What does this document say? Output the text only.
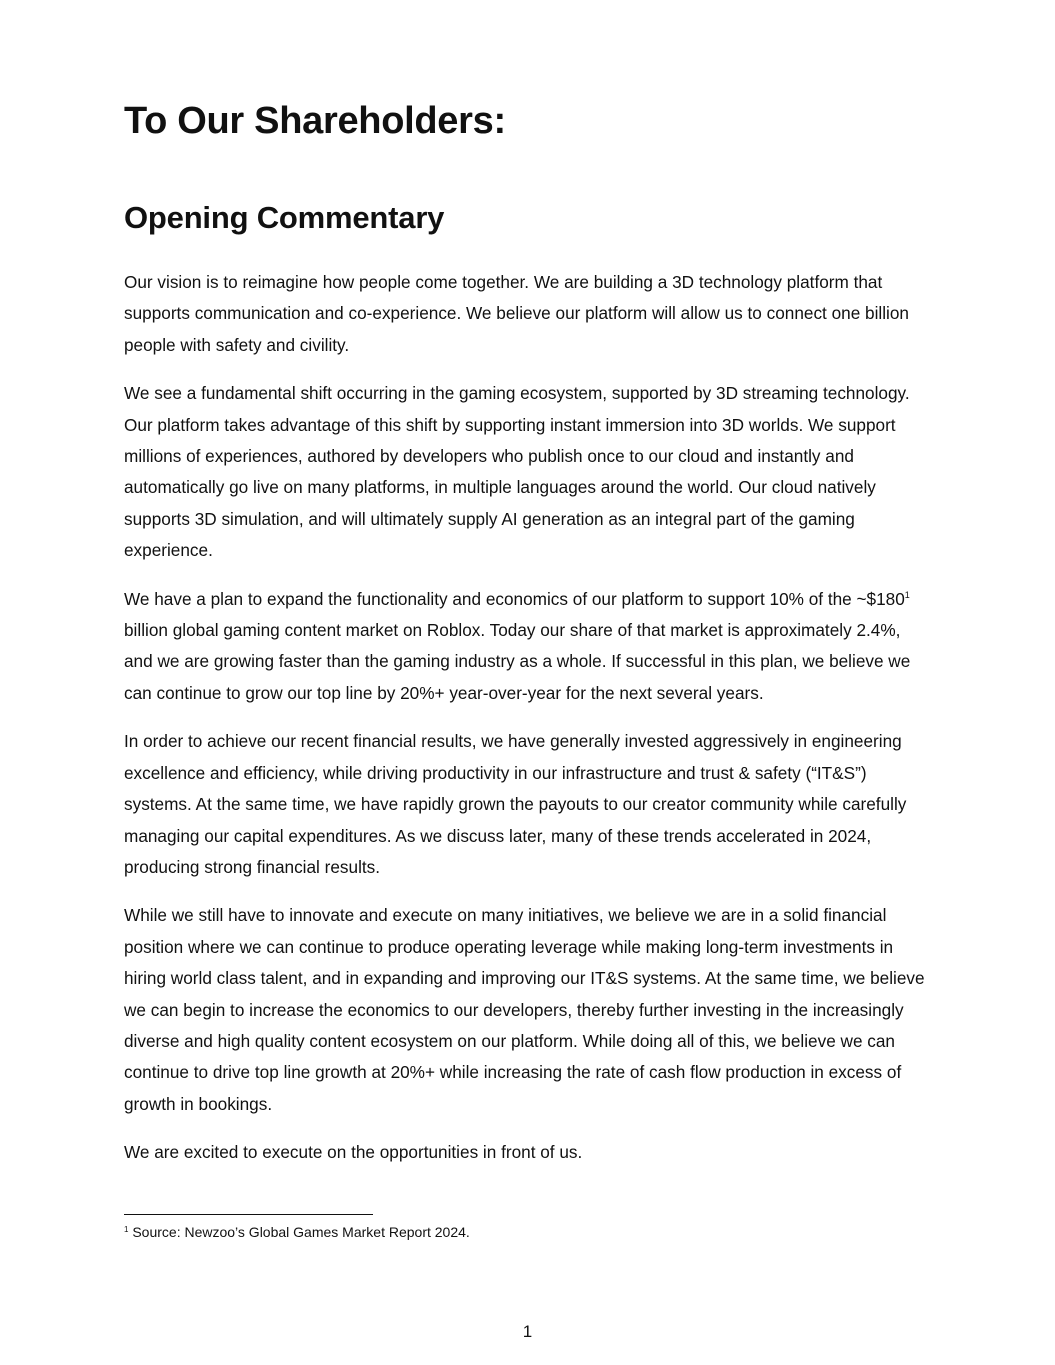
To Our Shareholders:
Opening Commentary

Our vision is to reimagine how people come together. We are building a 3D technology platform that supports communication and co-experience. We believe our platform will allow us to connect one billion people with safety and civility.

We see a fundamental shift occurring in the gaming ecosystem, supported by 3D streaming technology. Our platform takes advantage of this shift by supporting instant immersion into 3D worlds. We support millions of experiences, authored by developers who publish once to our cloud and instantly and automatically go live on many platforms, in multiple languages around the world. Our cloud natively supports 3D simulation, and will ultimately supply AI generation as an integral part of the gaming experience.

We have a plan to expand the functionality and economics of our platform to support 10% of the $\sim\$180^1$ billion global gaming content market on Roblox. Today our share of that market is approximately 2.4%, and we are growing faster than the gaming industry as a whole. If successful in this plan, we believe we can continue to grow our top line by 20%+ year-over-year for the next several years.

In order to achieve our recent financial results, we have generally invested aggressively in engineering excellence and efficiency, while driving productivity in our infrastructure and trust & safety (“IT&S”) systems. At the same time, we have rapidly grown the payouts to our creator community while carefully managing our capital expenditures. As we discuss later, many of these trends accelerated in 2024, producing strong financial results.

While we still have to innovate and execute on many initiatives, we believe we are in a solid financial position where we can continue to produce operating leverage while making long-term investments in hiring world class talent, and in expanding and improving our IT&S systems. At the same time, we believe we can begin to increase the economics to our developers, thereby further investing in the increasingly diverse and high quality content ecosystem on our platform. While doing all of this, we believe we can continue to drive top line growth at 20%+ while increasing the rate of cash flow production in excess of growth in bookings.

We are excited to execute on the opportunities in front of us.

$^1$ Source: Newzoo’s Global Games Market Report 2024.

1
